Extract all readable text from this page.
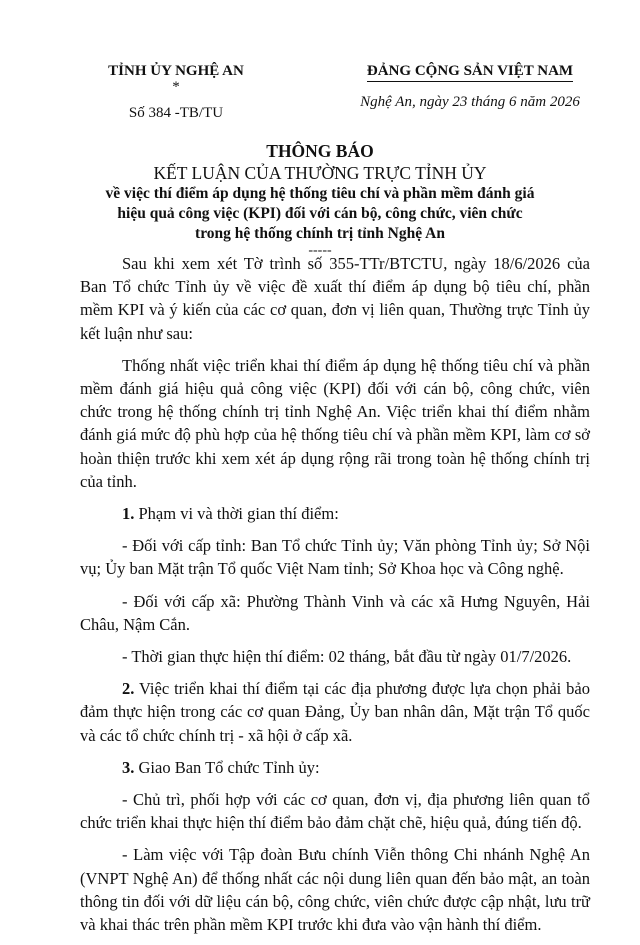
TỈNH ỦY NGHỆ AN
*
Số 384 -TB/TU
ĐẢNG CỘNG SẢN VIỆT NAM
Nghệ An, ngày 23 tháng 6 năm 2026
THÔNG BÁO
KẾT LUẬN CỦA THƯỜNG TRỰC TỈNH ỦY
về việc thí điểm áp dụng hệ thống tiêu chí và phần mềm đánh giá
hiệu quả công việc (KPI) đối với cán bộ, công chức, viên chức
trong hệ thống chính trị tỉnh Nghệ An
-----

Sau khi xem xét Tờ trình số 355-TTr/BTCTU, ngày 18/6/2026 của Ban Tổ chức Tỉnh ủy về việc đề xuất thí điểm áp dụng bộ tiêu chí, phần mềm KPI và ý kiến của các cơ quan, đơn vị liên quan, Thường trực Tỉnh ủy kết luận như sau:

Thống nhất việc triển khai thí điểm áp dụng hệ thống tiêu chí và phần mềm đánh giá hiệu quả công việc (KPI) đối với cán bộ, công chức, viên chức trong hệ thống chính trị tỉnh Nghệ An. Việc triển khai thí điểm nhằm đánh giá mức độ phù hợp của hệ thống tiêu chí và phần mềm KPI, làm cơ sở hoàn thiện trước khi xem xét áp dụng rộng rãi trong toàn hệ thống chính trị của tỉnh.

1. Phạm vi và thời gian thí điểm:

- Đối với cấp tỉnh: Ban Tổ chức Tỉnh ủy; Văn phòng Tỉnh ủy; Sở Nội vụ; Ủy ban Mặt trận Tổ quốc Việt Nam tỉnh; Sở Khoa học và Công nghệ.

- Đối với cấp xã: Phường Thành Vinh và các xã Hưng Nguyên, Hải Châu, Nậm Cắn.

- Thời gian thực hiện thí điểm: 02 tháng, bắt đầu từ ngày 01/7/2026.

2. Việc triển khai thí điểm tại các địa phương được lựa chọn phải bảo đảm thực hiện trong các cơ quan Đảng, Ủy ban nhân dân, Mặt trận Tổ quốc và các tổ chức chính trị - xã hội ở cấp xã.

3. Giao Ban Tổ chức Tỉnh ủy:

- Chủ trì, phối hợp với các cơ quan, đơn vị, địa phương liên quan tổ chức triển khai thực hiện thí điểm bảo đảm chặt chẽ, hiệu quả, đúng tiến độ.

- Làm việc với Tập đoàn Bưu chính Viễn thông Chi nhánh Nghệ An (VNPT Nghệ An) để thống nhất các nội dung liên quan đến bảo mật, an toàn thông tin đối với dữ liệu cán bộ, công chức, viên chức được cập nhật, lưu trữ và khai thác trên phần mềm KPI trước khi đưa vào vận hành thí điểm.
